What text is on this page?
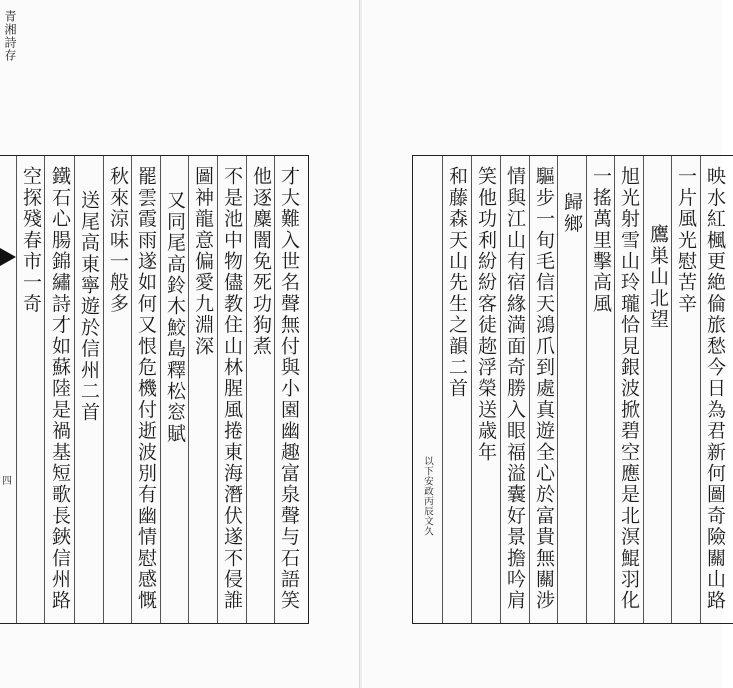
才大難入世名聲無付與小園幽趣富泉聲与石語笑
他逐麋闇免死功狗煮
不是池中物儘教住山林腥風捲東海潛伏遂不侵誰
圖神龍意偏愛九淵深
又同尾高鈴木鮫島釋松窓賦
罷雲霞雨遂如何又恨危機付逝波別有幽情慰感慨
秋來涼味一般多
送尾高東寧遊於信州二首
鐵石心腸錦繡詩才如蘇陸是禍基短歌長鋏信州路
空探殘春市一奇
青湘詩存
四	映水紅楓更絶倫旅愁今日為君新何圖奇險關山路
一片風光慰苦辛
鷹巣山北望
旭光射雪山玲瓏恰見銀波掀碧空應是北溟鯤羽化
一搖萬里擊高風
歸鄉
驅步一旬毛信天鴻爪到處真遊全心於富貴無關涉
情與江山有宿緣満面奇勝入眼福溢囊好景擔吟肩
笑他功利紛紛客徒趂浮榮送歳年
和藤森天山先生之韻二首
以下安政丙辰文久
